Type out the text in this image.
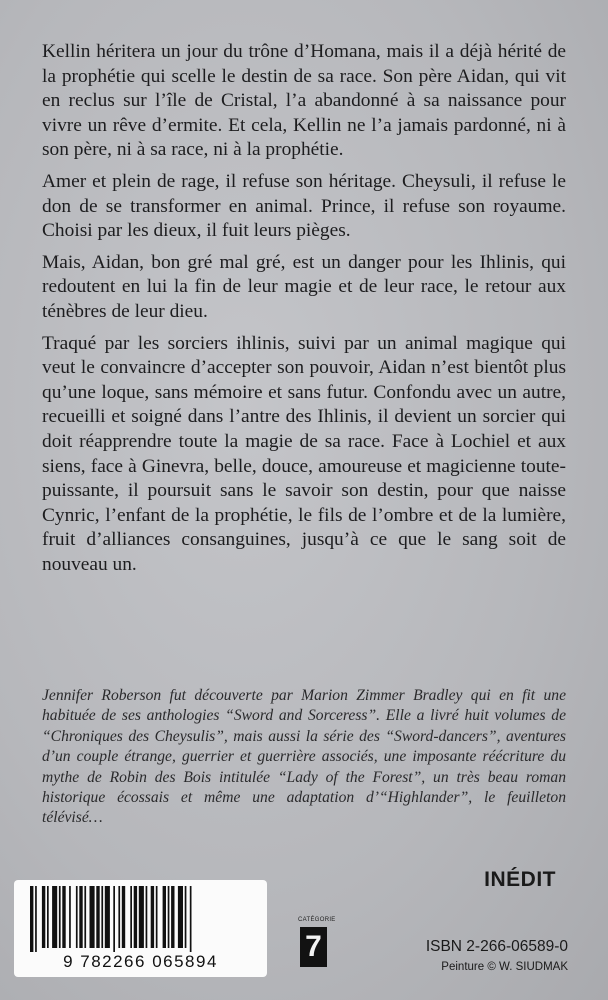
Kellin héritera un jour du trône d’Homana, mais il a déjà hérité de la prophétie qui scelle le destin de sa race. Son père Aidan, qui vit en reclus sur l’île de Cristal, l’a abandonné à sa naissance pour vivre un rêve d’ermite. Et cela, Kellin ne l’a jamais pardonné, ni à son père, ni à sa race, ni à la prophétie.

Amer et plein de rage, il refuse son héritage. Cheysuli, il refuse le don de se transformer en animal. Prince, il refuse son royaume. Choisi par les dieux, il fuit leurs pièges.

Mais, Aidan, bon gré mal gré, est un danger pour les Ihlinis, qui redoutent en lui la fin de leur magie et de leur race, le retour aux ténèbres de leur dieu.

Traqué par les sorciers ihlinis, suivi par un animal magique qui veut le convaincre d’accepter son pouvoir, Aidan n’est bientôt plus qu’une loque, sans mémoire et sans futur. Confondu avec un autre, recueilli et soigné dans l’antre des Ihlinis, il devient un sorcier qui doit réapprendre toute la magie de sa race. Face à Lochiel et aux siens, face à Ginevra, belle, douce, amoureuse et magicienne toute-puissante, il poursuit sans le savoir son destin, pour que naisse Cynric, l’enfant de la prophétie, le fils de l’ombre et de la lumière, fruit d’alliances consanguines, jusqu’à ce que le sang soit de nouveau un.

Jennifer Roberson fut découverte par Marion Zimmer Bradley qui en fit une habituée de ses anthologies “Sword and Sorceress”. Elle a livré huit volumes de “Chroniques des Cheysulis”, mais aussi la série des “Sword-dancers”, aventures d’un couple étrange, guerrier et guerrière associés, une imposante réécriture du mythe de Robin des Bois intitulée “Lady of the Forest”, un très beau roman historique écossais et même une adaptation d’“Highlander”, le feuilleton télévisé…

INÉDIT
9 782266 065894
CATÉGORIE
7	ISBN 2-266-06589-0
Peinture © W. SIUDMAK
